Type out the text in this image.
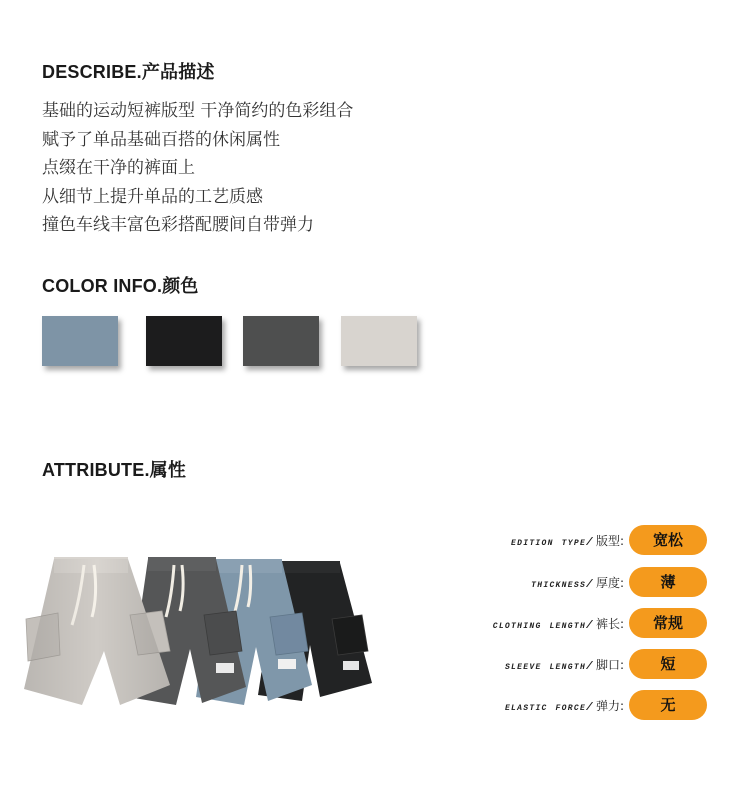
DESCRIBE.产品描述
基础的运动短裤版型 干净简约的色彩组合
赋予了单品基础百搭的休闲属性
点缀在干净的裤面上
从细节上提升单品的工艺质感
撞色车线丰富色彩搭配腰间自带弹力
COLOR INFO.颜色
ATTRIBUTE.属性
edition type/ 版型:	宽松
thickness/ 厚度:	薄
clothing length/ 裤长:	常规
sleeve length/ 脚口:	短
elastic force/ 弹力:	无
